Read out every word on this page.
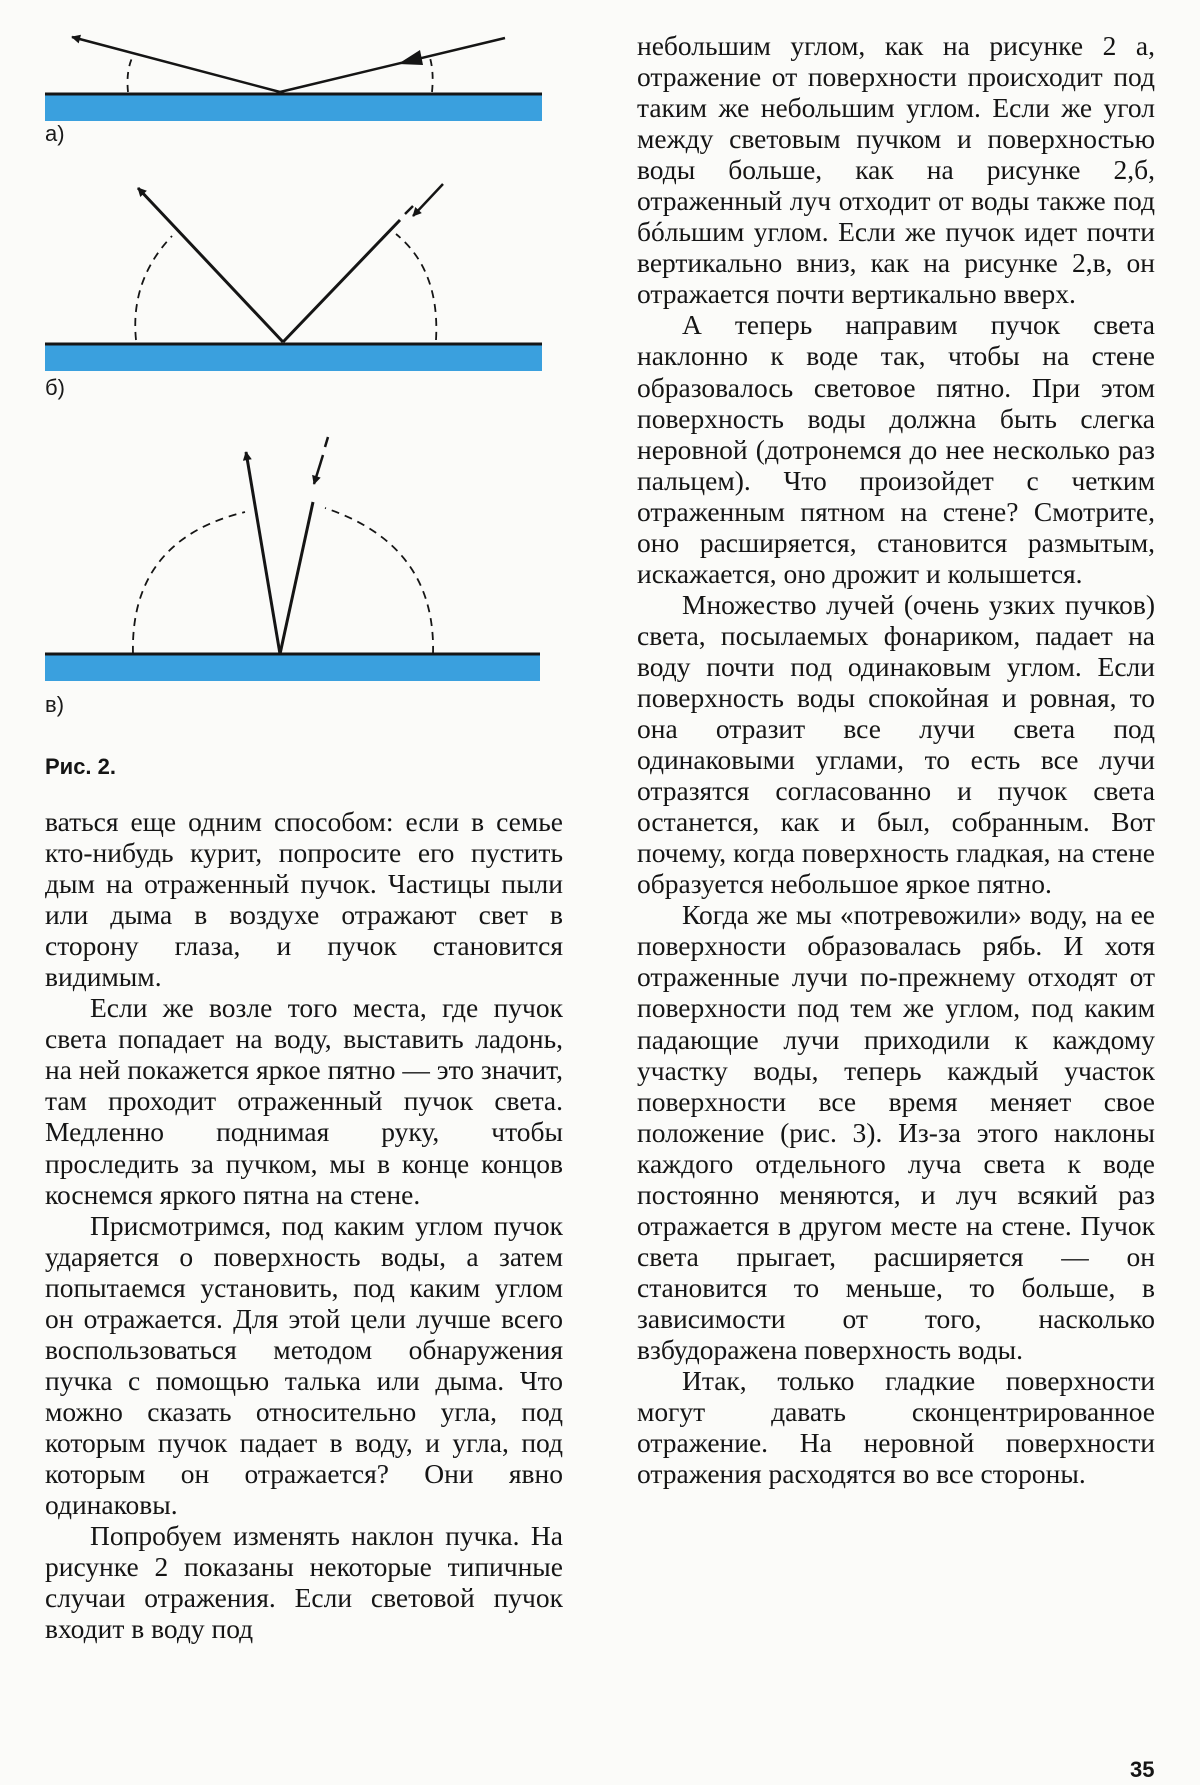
а)
б)
в)
Рис. 2.

ваться еще одним способом: если в семье кто-нибудь курит, попросите его пустить дым на отраженный пучок. Частицы пыли или дыма в воздухе отражают свет в сторону глаза, и пучок становится видимым.

Если же возле того места, где пучок света попадает на воду, выставить ладонь, на ней покажется яркое пятно — это значит, там проходит отраженный пучок света. Медленно поднимая руку, чтобы проследить за пучком, мы в конце концов коснемся яркого пятна на стене.

Присмотримся, под каким углом пучок ударяется о поверхность воды, а затем попытаемся установить, под каким углом он отражается. Для этой цели лучше всего воспользоваться методом обнаружения пучка с помощью талька или дыма. Что можно сказать относительно угла, под которым пучок падает в воду, и угла, под которым он отражается? Они явно одинаковы.

Попробуем изменять наклон пучка. На рисунке 2 показаны некоторые типичные случаи отражения. Если световой пучок входит в воду под

небольшим углом, как на рисунке 2 а, отражение от поверхности происходит под таким же небольшим углом. Если же угол между световым пучком и поверхностью воды больше, как на рисунке 2,б, отраженный луч отходит от воды также под бóльшим углом. Если же пучок идет почти вертикально вниз, как на рисунке 2,в, он отражается почти вертикально вверх.

А теперь направим пучок света наклонно к воде так, чтобы на стене образовалось световое пятно. При этом поверхность воды должна быть слегка неровной (дотронемся до нее несколько раз пальцем). Что произойдет с четким отраженным пятном на стене? Смотрите, оно расширяется, становится размытым, искажается, оно дрожит и колышется.

Множество лучей (очень узких пучков) света, посылаемых фонариком, падает на воду почти под одинаковым углом. Если поверхность воды спокойная и ровная, то она отразит все лучи света под одинаковыми углами, то есть все лучи отразятся согласованно и пучок света останется, как и был, собранным. Вот почему, когда поверхность гладкая, на стене образуется небольшое яркое пятно.

Когда же мы «потревожили» воду, на ее поверхности образовалась рябь. И хотя отраженные лучи по-прежнему отходят от поверхности под тем же углом, под каким падающие лучи приходили к каждому участку воды, теперь каждый участок поверхности все время меняет свое положение (рис. 3). Из-за этого наклоны каждого отдельного луча света к воде постоянно меняются, и луч всякий раз отражается в другом месте на стене. Пучок света прыгает, расширяется — он становится то меньше, то больше, в зависимости от того, насколько взбудоражена поверхность воды.

Итак, только гладкие поверхности могут давать сконцентрированное отражение. На неровной поверхности отражения расходятся во все стороны.

35
